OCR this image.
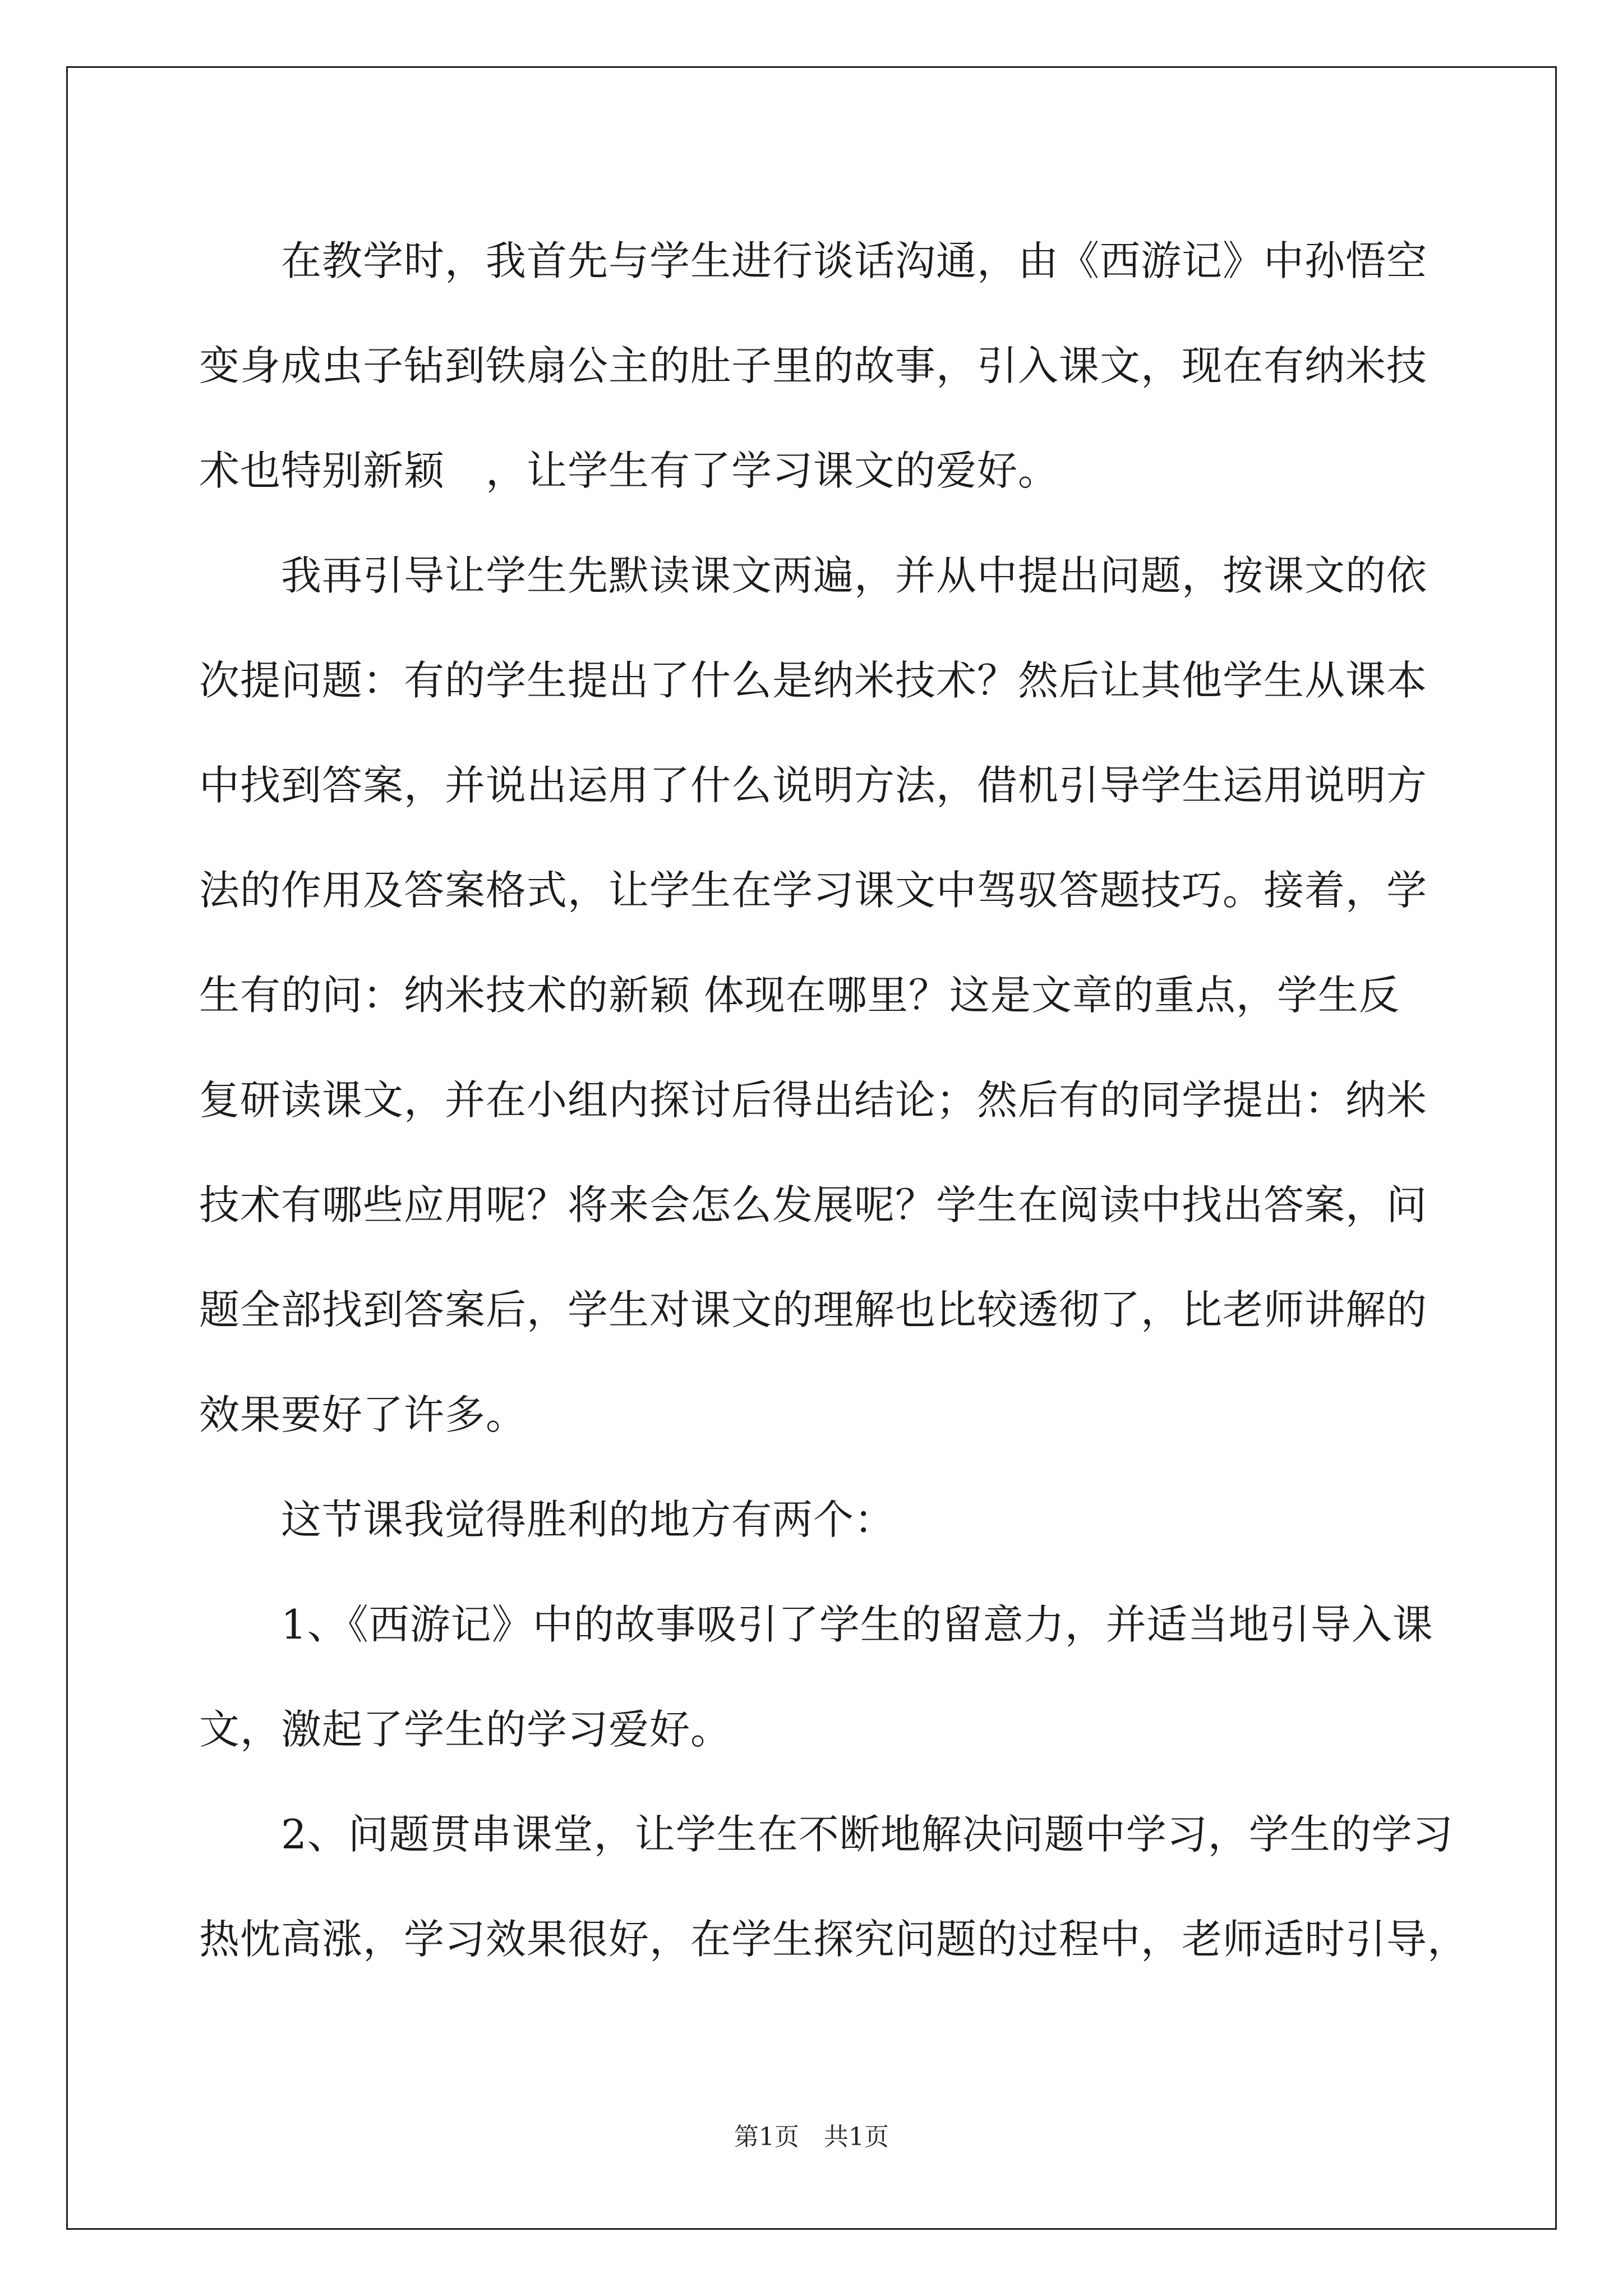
　　在教学时，我首先与学生进行谈话沟通，由《西游记》中孙悟空
变身成虫子钻到铁扇公主的肚子里的故事，引入课文，现在有纳米技
术也特别新颖　，让学生有了学习课文的爱好。
　　我再引导让学生先默读课文两遍，并从中提出问题，按课文的依
次提问题：有的学生提出了什么是纳米技术？然后让其他学生从课本
中找到答案，并说出运用了什么说明方法，借机引导学生运用说明方
法的作用及答案格式，让学生在学习课文中驾驭答题技巧。接着，学
生有的问：纳米技术的新颖 体现在哪里？这是文章的重点，学生反
复研读课文，并在小组内探讨后得出结论；然后有的同学提出：纳米
技术有哪些应用呢？将来会怎么发展呢？学生在阅读中找出答案，问
题全部找到答案后，学生对课文的理解也比较透彻了，比老师讲解的
效果要好了许多。
　　这节课我觉得胜利的地方有两个：
　　1、《西游记》中的故事吸引了学生的留意力，并适当地引导入课
文，激起了学生的学习爱好。
　　2、问题贯串课堂，让学生在不断地解决问题中学习，学生的学习
热忱高涨，学习效果很好，在学生探究问题的过程中，老师适时引导，
第1页　共1页
